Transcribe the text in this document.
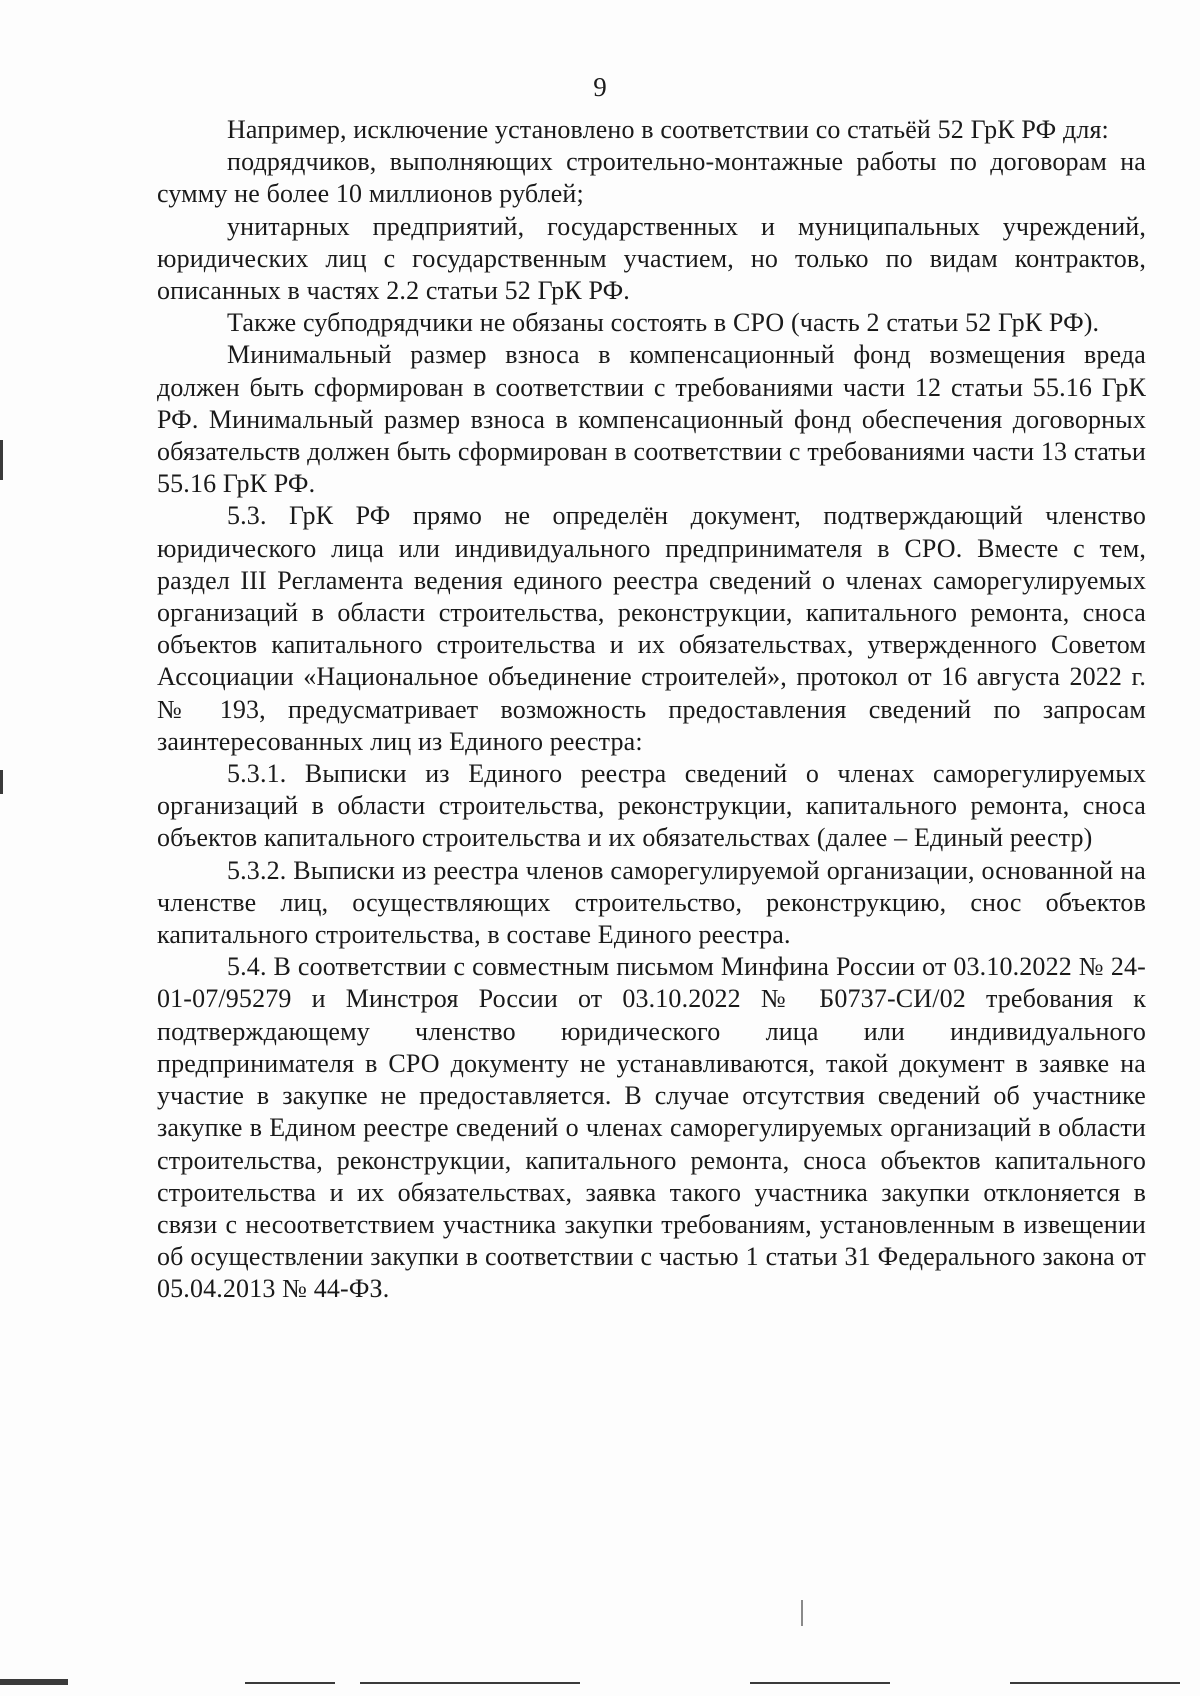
9

Например, исключение установлено в соответствии со статьёй 52 ГрК РФ для:

подрядчиков, выполняющих строительно-монтажные работы по договорам на сумму не более 10 миллионов рублей;

унитарных предприятий, государственных и муниципальных учреждений, юридических лиц с государственным участием, но только по видам контрактов, описанных в частях 2.2 статьи 52 ГрК РФ.

Также субподрядчики не обязаны состоять в СРО (часть 2 статьи 52 ГрК РФ).

Минимальный размер взноса в компенсационный фонд возмещения вреда должен быть сформирован в соответствии с требованиями части 12 статьи 55.16 ГрК РФ. Минимальный размер взноса в компенсационный фонд обеспечения договорных обязательств должен быть сформирован в соответствии с требованиями части 13 статьи 55.16 ГрК РФ.

5.3. ГрК РФ прямо не определён документ, подтверждающий членство юридического лица или индивидуального предпринимателя в СРО. Вместе с тем, раздел III Регламента ведения единого реестра сведений о членах саморегулируемых организаций в области строительства, реконструкции, капитального ремонта, сноса объектов капитального строительства и их обязательствах, утвержденного Советом Ассоциации «Национальное объединение строителей», протокол от 16 августа 2022 г. № 193, предусматривает возможность предоставления сведений по запросам заинтересованных лиц из Единого реестра:

5.3.1. Выписки из Единого реестра сведений о членах саморегулируемых организаций в области строительства, реконструкции, капитального ремонта, сноса объектов капитального строительства и их обязательствах (далее – Единый реестр)

5.3.2. Выписки из реестра членов саморегулируемой организации, основанной на членстве лиц, осуществляющих строительство, реконструкцию, снос объектов капитального строительства, в составе Единого реестра.

5.4. В соответствии с совместным письмом Минфина России от 03.10.2022 № 24-01-07/95279 и Минстроя России от 03.10.2022 № Б0737-СИ/02 требования к подтверждающему членство юридического лица или индивидуального предпринимателя в СРО документу не устанавливаются, такой документ в заявке на участие в закупке не предоставляется. В случае отсутствия сведений об участнике закупке в Едином реестре сведений о членах саморегулируемых организаций в области строительства, реконструкции, капитального ремонта, сноса объектов капитального строительства и их обязательствах, заявка такого участника закупки отклоняется в связи с несоответствием участника закупки требованиям, установленным в извещении об осуществлении закупки в соответствии с частью 1 статьи 31 Федерального закона от 05.04.2013 № 44-ФЗ.
